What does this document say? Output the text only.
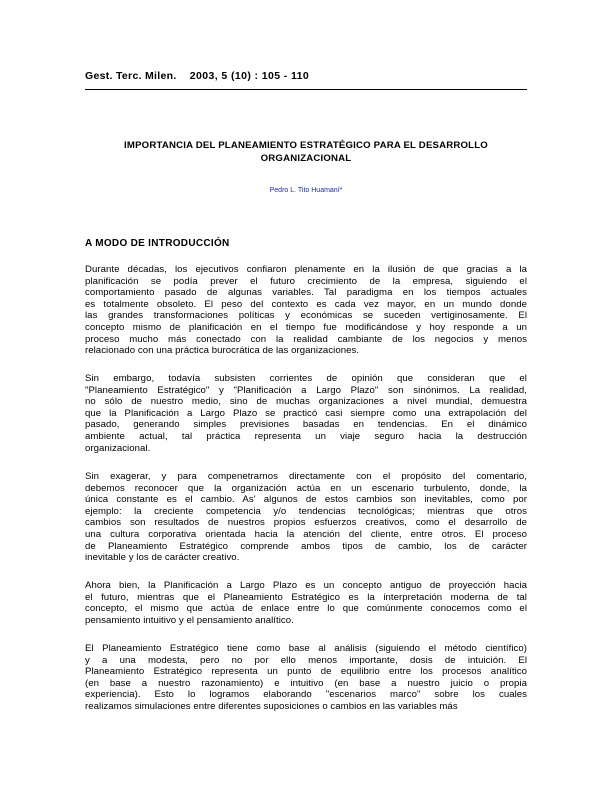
Gest. Terc. Milen. 2003, 5 (10) : 105 - 110
IMPORTANCIA DEL PLANEAMIENTO ESTRATÉGICO PARA EL DESARROLLO
ORGANIZACIONAL
Pedro L. Tito Huamaní*
A MODO DE INTRODUCCIÓN
Durante décadas, los ejecutivos confiaron plenamente en la ilusión de que gracias a la
planificación se podía prever el futuro crecimiento de la empresa, siguiendo el
comportamiento pasado de algunas variables. Tal paradigma en los tiempos actuales
es totalmente obsoleto. El peso del contexto es cada vez mayor, en un mundo donde
las grandes transformaciones políticas y económicas se suceden vertiginosamente. El
concepto mismo de planificación en el tiempo fue modificándose y hoy responde a un
proceso mucho más conectado con la realidad cambiante de los negocios y menos
relacionado con una práctica burocrática de las organizaciones.
Sin embargo, todavía subsisten corrientes de opinión que consideran que el
"Planeamiento Estratégico" y "Planificación a Largo Plazo" son sinónimos. La realidad,
no sólo de nuestro medio, sino de muchas organizaciones a nivel mundial, demuestra
que la Planificación a Largo Plazo se practicó casi siempre como una extrapolación del
pasado, generando simples previsiones basadas en tendencias. En el dinámico
ambiente actual, tal práctica representa un viaje seguro hacia la destrucción
organizacional.
Sin exagerar, y para compenetrarnos directamente con el propósito del comentario,
debemos reconocer que la organización actúa en un escenario turbulento, donde, la
única constante es el cambio. As' algunos de estos cambios son inevitables, como por
ejemplo: la creciente competencia y/o tendencias tecnológicas; mientras que otros
cambios son resultados de nuestros propios esfuerzos creativos, como el desarrollo de
una cultura corporativa orientada hacia la atención del cliente, entre otros. El proceso
de Planeamiento Estratégico comprende ambos tipos de cambio, los de carácter
inevitable y los de carácter creativo.
Ahora bien, la Planificación a Largo Plazo es un concepto antiguo de proyección hacia
el futuro, mientras que el Planeamiento Estratégico es la interpretación moderna de tal
concepto, el mismo que actúa de enlace entre lo que comúnmente conocemos como el
pensamiento intuitivo y el pensamiento analítico.
El Planeamiento Estratégico tiene como base al análisis (siguiendo el método científico)
y a una modesta, pero no por ello menos importante, dosis de intuición. El
Planeamiento Estratégico representa un punto de equilibrio entre los procesos analítico
(en base a nuestro razonamiento) e intuitivo (en base a nuestro juicio o propia
experiencia). Esto lo logramos elaborando "escenarios marco" sobre los cuales
realizamos simulaciones entre diferentes suposiciones o cambios en las variables más
